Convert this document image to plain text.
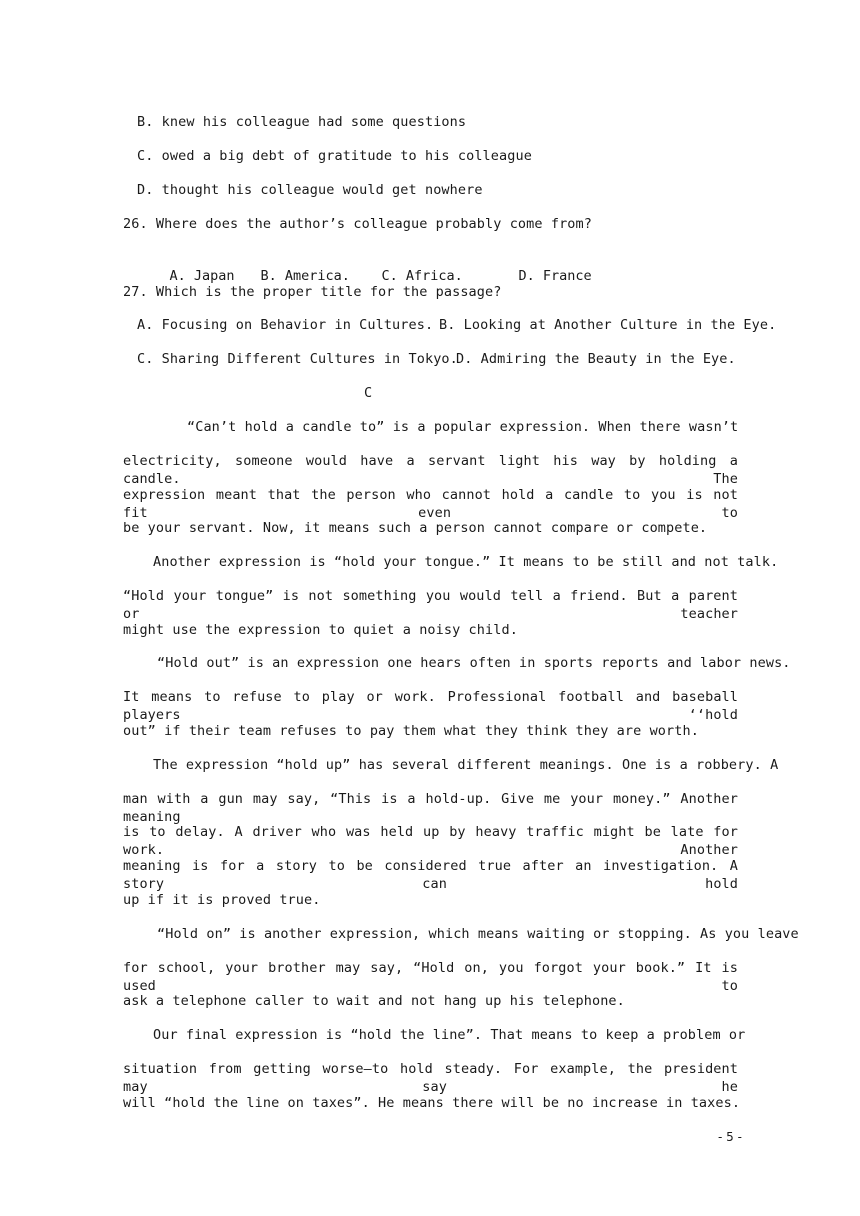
B. knew his colleague had some questions
C. owed a big debt of gratitude to his colleague
D. thought his colleague would get nowhere
26. Where does the author’s colleague probably come from?

A. Japan B. America. C. Africa.	D. France

27. Which is the proper title for the passage?
A. Focusing on Behavior in Cultures. B. Looking at Another Culture in the Eye.
C. Sharing Different Cultures in Tokyo.
D. Admiring the Beauty in the Eye.
C
“Can’t hold a candle to” is a popular expression. When there wasn’t
electricity, someone would have a servant light his way by holding a candle. The
expression meant that the person who cannot hold a candle to you is not fit even to
be your servant. Now, it means such a person cannot compare or compete.
Another expression is “hold your tongue.” It means to be still and not talk.
“Hold your tongue” is not something you would tell a friend. But a parent or teacher
might use the expression to quiet a noisy child.
“Hold out” is an expression one hears often in sports reports and labor news.
It means to refuse to play or work. Professional football and baseball players ‘‘hold
out” if their team refuses to pay them what they think they are worth.
The expression “hold up” has several different meanings. One is a robbery. A
man with a gun may say, “This is a hold-up. Give me your money.” Another meaning
is to delay. A driver who was held up by heavy traffic might be late for work. Another
meaning is for a story to be considered true after an investigation. A story can hold
up if it is proved true.
“Hold on” is another expression, which means waiting or stopping. As you leave
for school, your brother may say, “Hold on, you forgot your book.” It is used to
ask a telephone caller to wait and not hang up his telephone.
Our final expression is “hold the line”. That means to keep a problem or
situation from getting worse—to hold steady. For example, the president may say he
will “hold the line on taxes”. He means there will be no increase in taxes.
- 5 -
